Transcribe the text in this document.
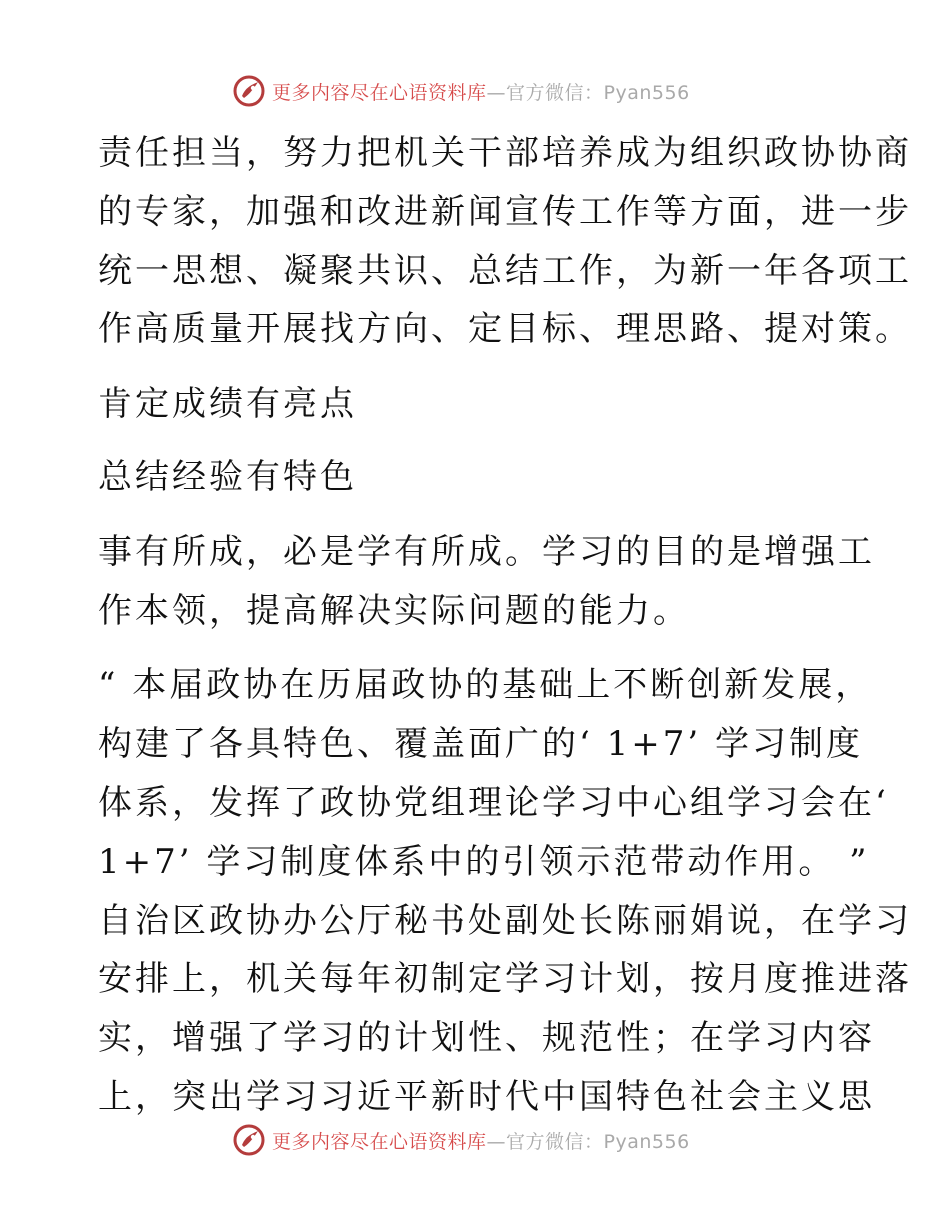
更多内容尽在心语资料库—官方微信：Pyan556

责任担当，努力把机关干部培养成为组织政协协商
的专家，加强和改进新闻宣传工作等方面，进一步
统一思想、凝聚共识、总结工作，为新一年各项工
作高质量开展找方向、定目标、理思路、提对策。

肯定成绩有亮点

总结经验有特色

事有所成，必是学有所成。学习的目的是增强工
作本领，提高解决实际问题的能力。

“ 本届政协在历届政协的基础上不断创新发展，
构建了各具特色、覆盖面广的‘ 1+7’ 学习制度
体系，发挥了政协党组理论学习中心组学习会在‘
1+7’ 学习制度体系中的引领示范带动作用。 ”
自治区政协办公厅秘书处副处长陈丽娟说，在学习
安排上，机关每年初制定学习计划，按月度推进落
实，增强了学习的计划性、规范性；在学习内容
上，突出学习习近平新时代中国特色社会主义思

更多内容尽在心语资料库—官方微信：Pyan556
